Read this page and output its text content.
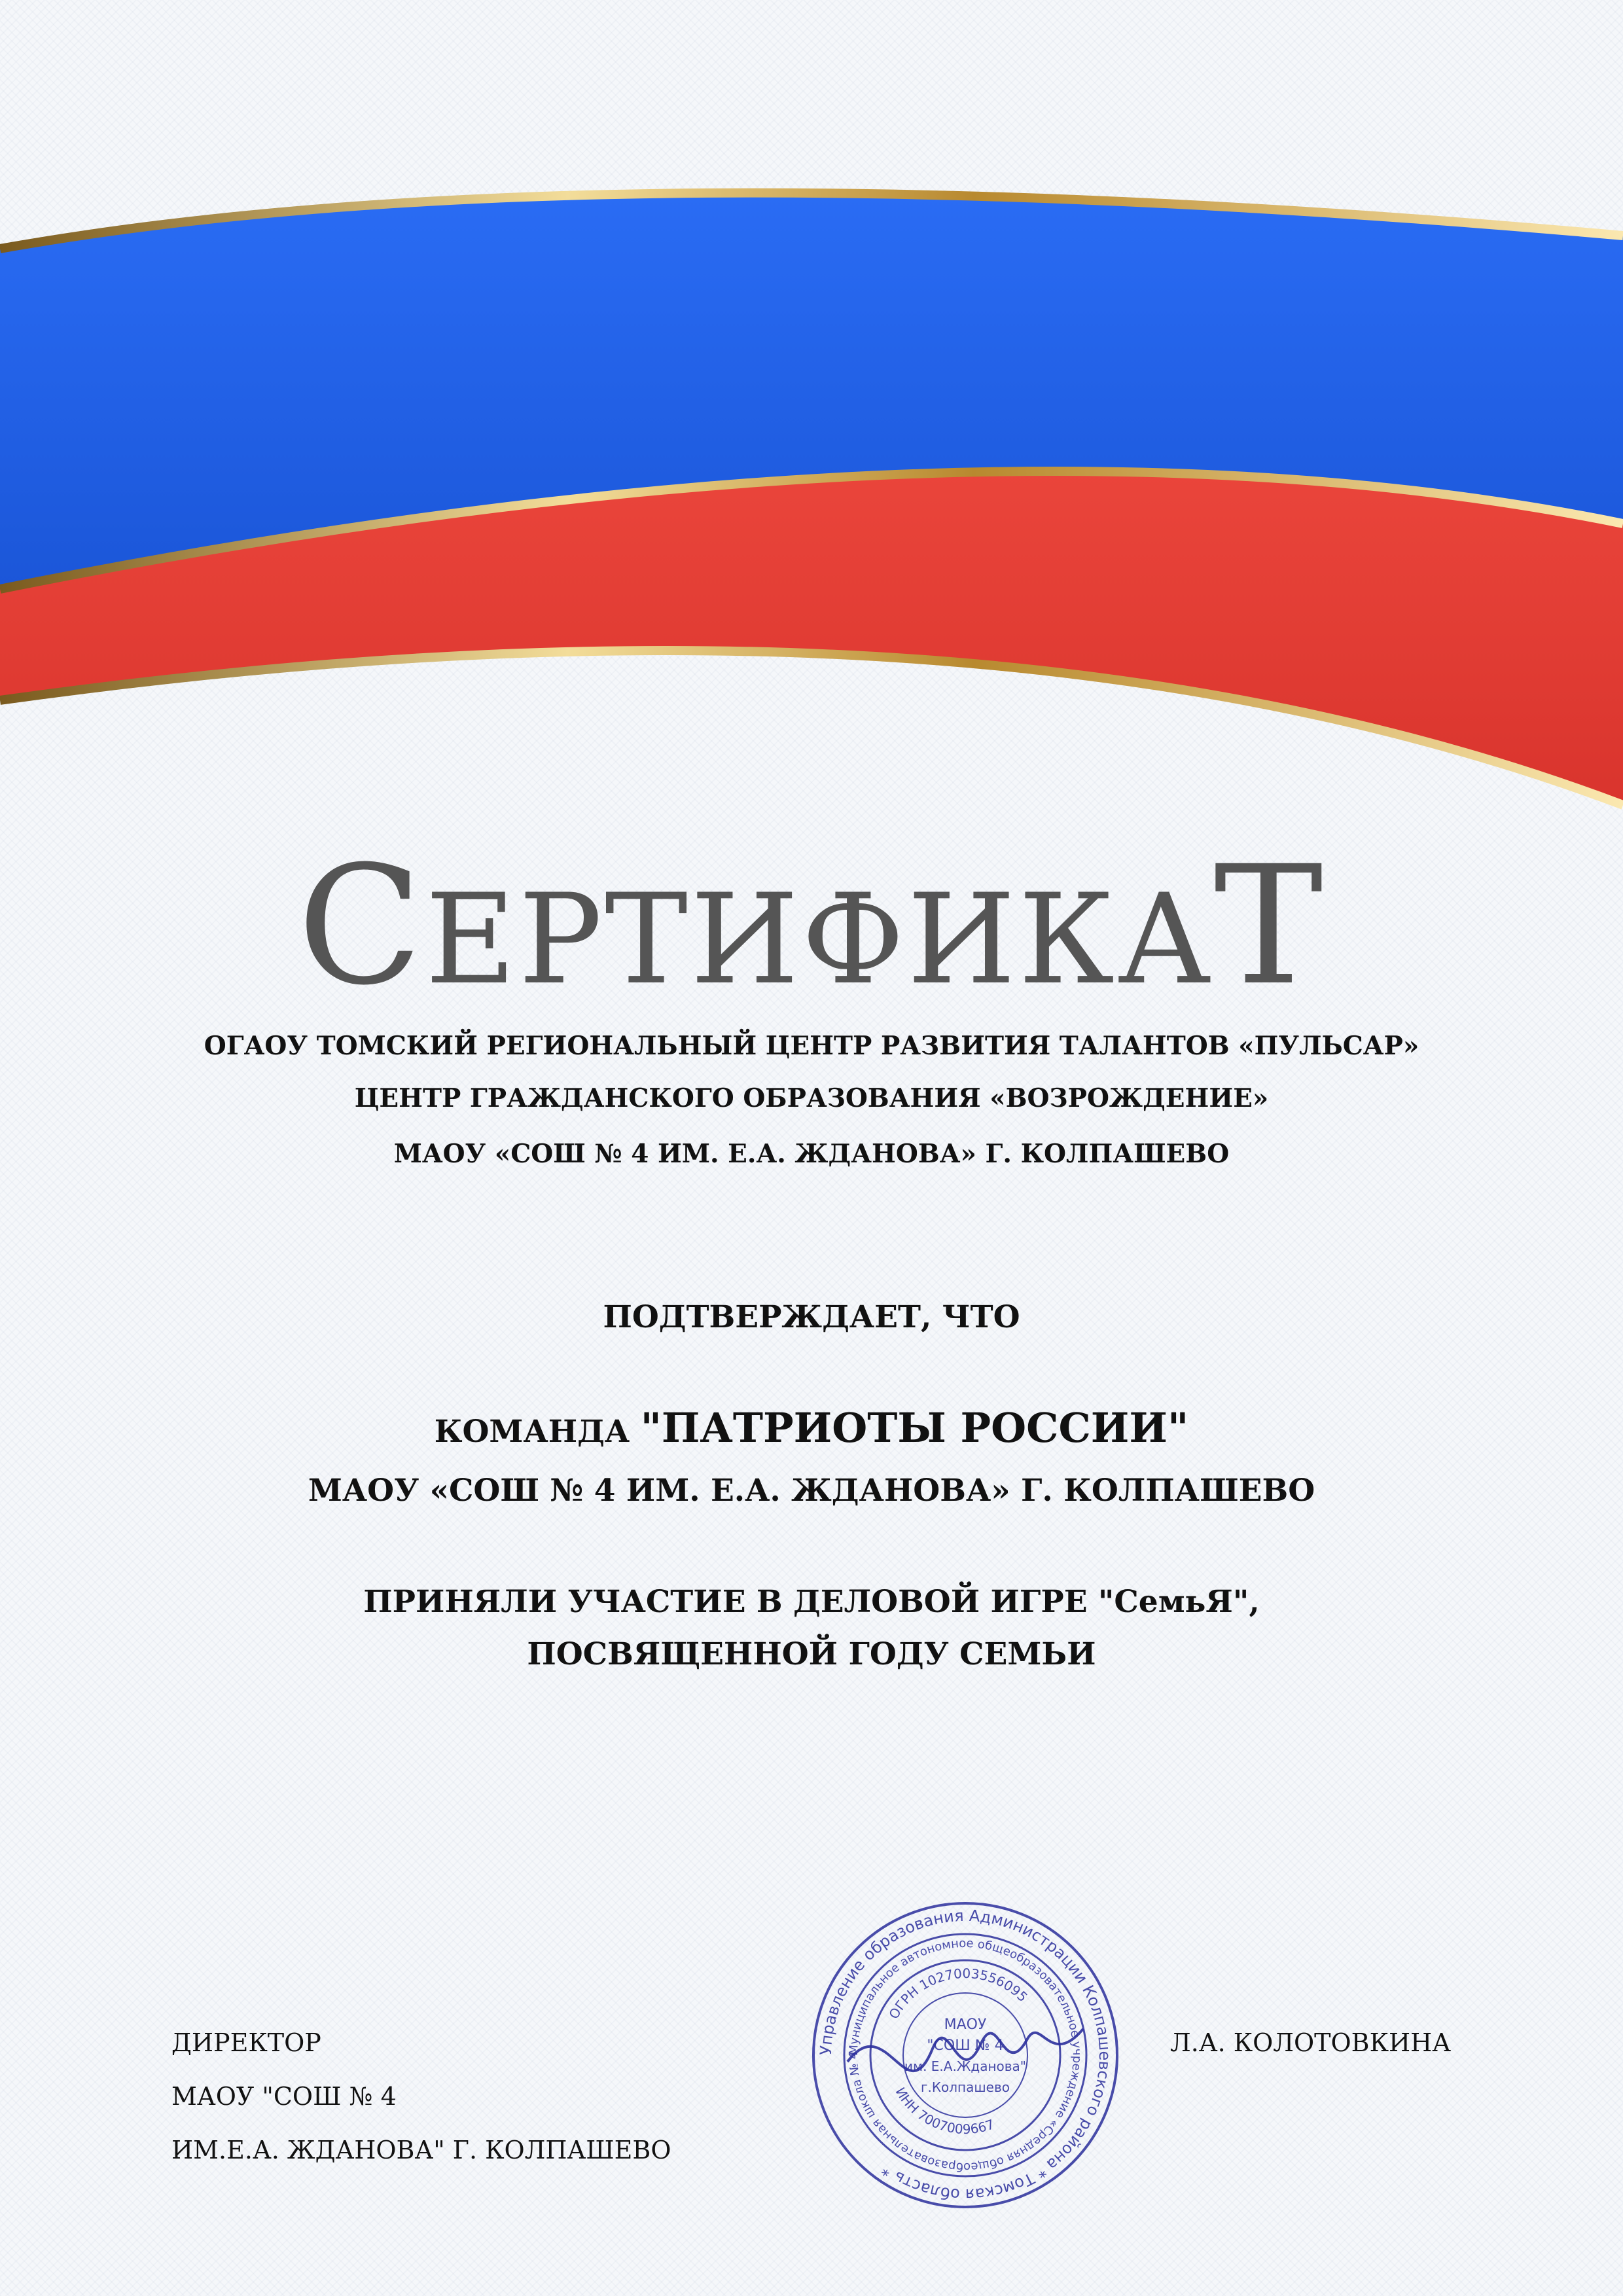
СЕРТИФИКАТ
ОГАОУ ТОМСКИЙ РЕГИОНАЛЬНЫЙ ЦЕНТР РАЗВИТИЯ ТАЛАНТОВ «ПУЛЬСАР»
ЦЕНТР ГРАЖДАНСКОГО ОБРАЗОВАНИЯ «ВОЗРОЖДЕНИЕ»
МАОУ «СОШ № 4 ИМ. Е.А. ЖДАНОВА» Г. КОЛПАШЕВО
ПОДТВЕРЖДАЕТ, ЧТО
КОМАНДА "ПАТРИОТЫ РОССИИ"
МАОУ «СОШ № 4 ИМ. Е.А. ЖДАНОВА» Г. КОЛПАШЕВО
ПРИНЯЛИ УЧАСТИЕ В ДЕЛОВОЙ ИГРЕ "СемьЯ",
ПОСВЯЩЕННОЙ ГОДУ СЕМЬИ
ДИРЕКТОР
МАОУ "СОШ № 4
ИМ.Е.А. ЖДАНОВА" Г. КОЛПАШЕВО
Л.А. КОЛОТОВКИНА
Управление образования Администрации Колпашевского района * Томская область *
Муниципальное автономное общеобразовательное учреждение «Средняя общеобразовательная школа № 4
ОГРН 1027003556095
ИНН 7007009667
МАОУ
"СОШ № 4
им. Е.А.Жданова"
г.Колпашево
